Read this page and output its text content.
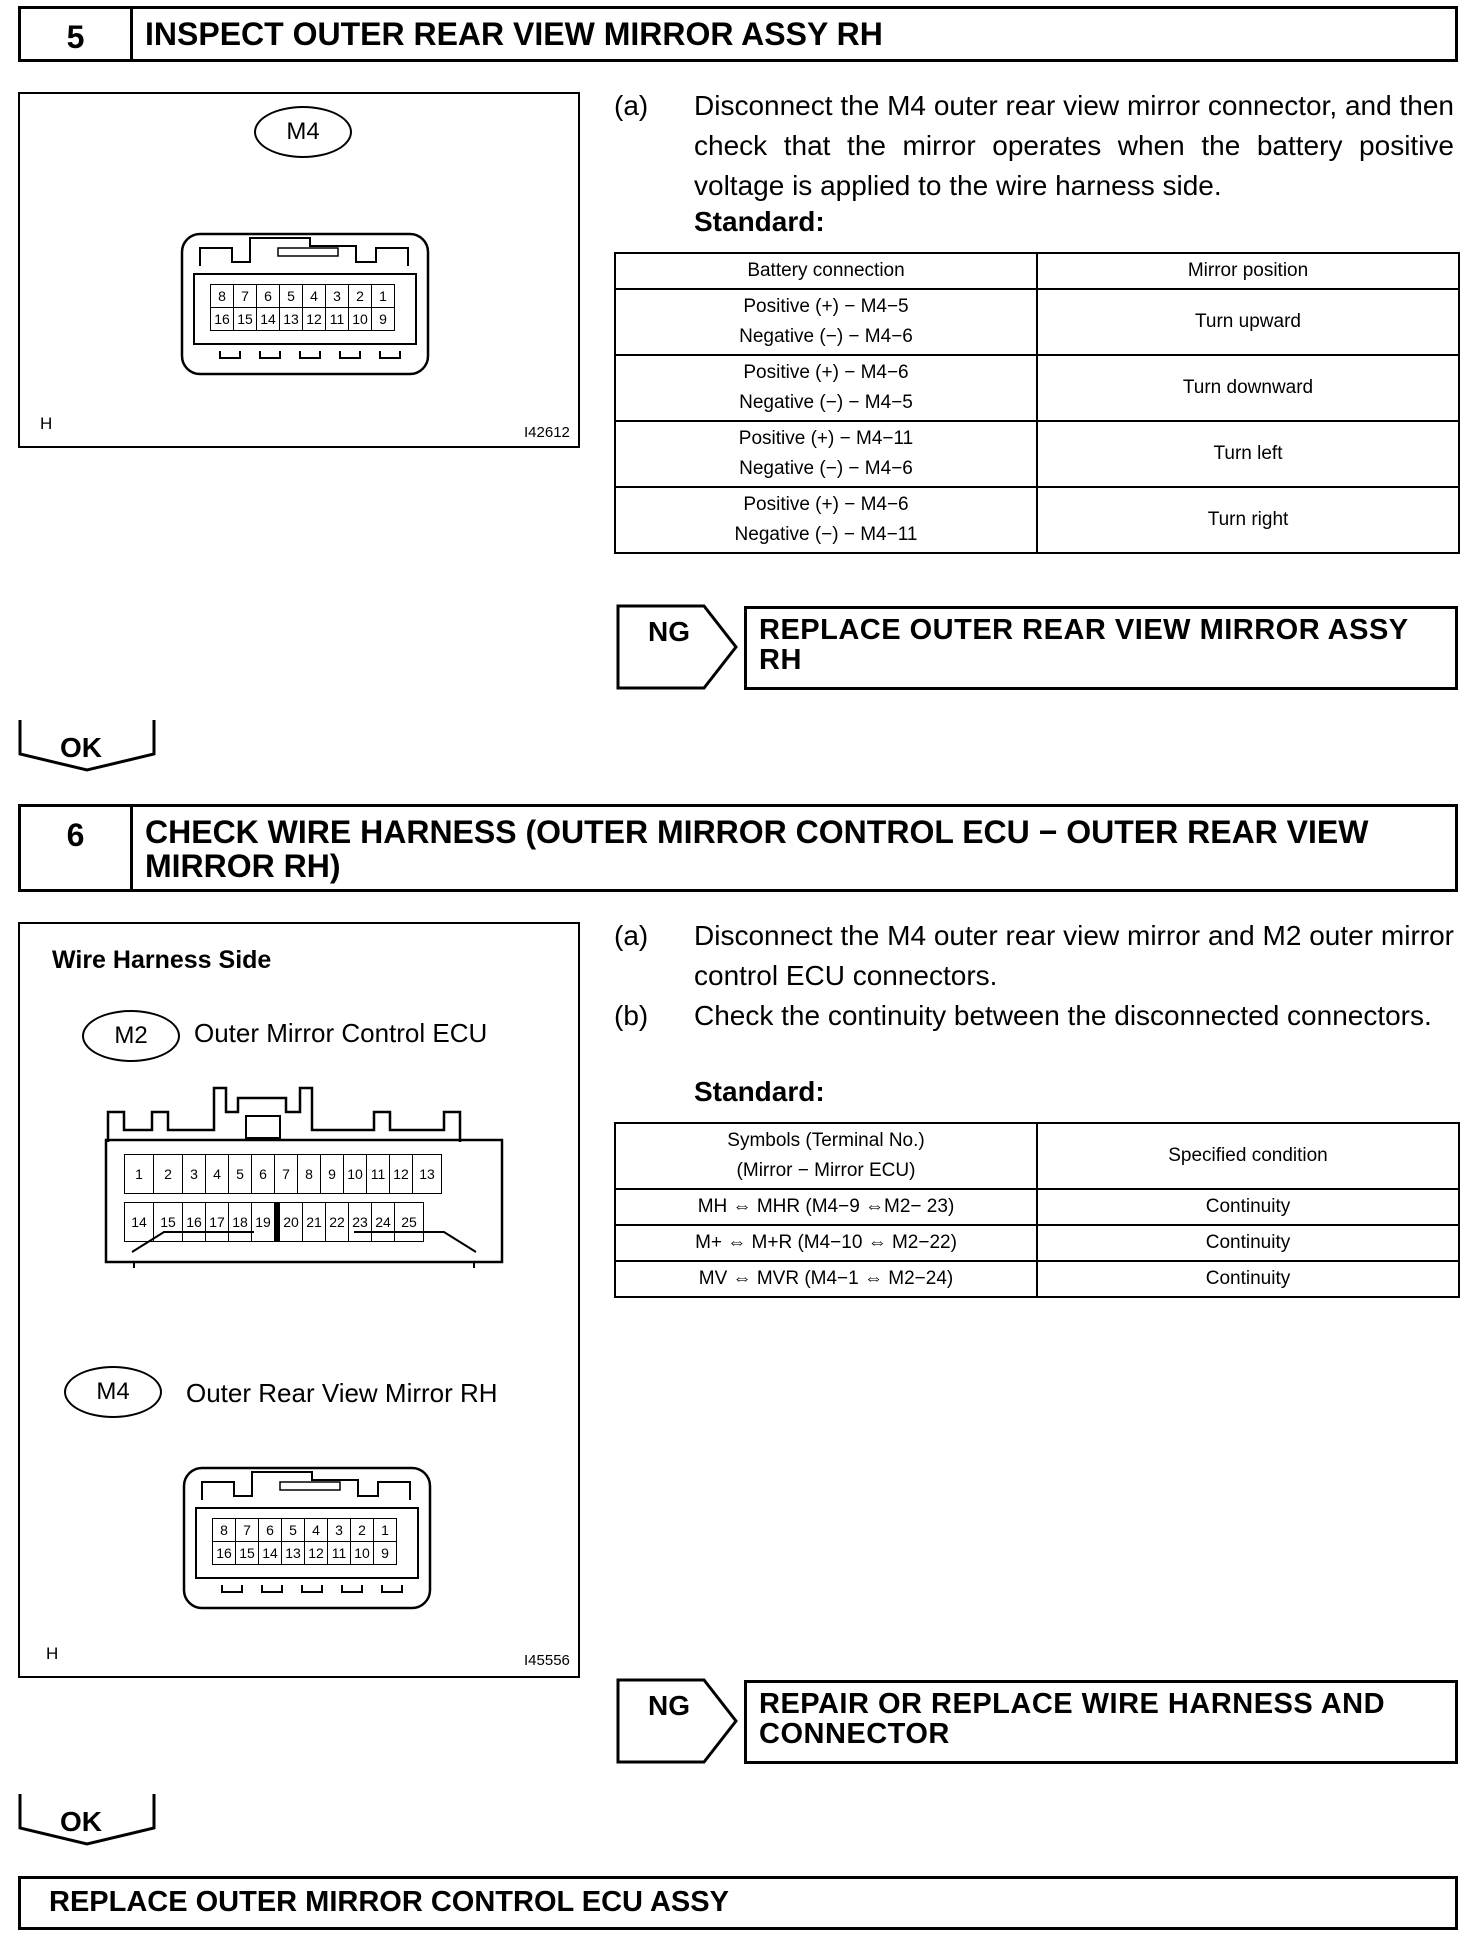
5	INSPECT OUTER REAR VIEW MIRROR ASSY RH
M4
8	7	6	5	4	3	2	1
16	15	14	13	12	11	10	9
H	I42612
(a) Disconnect the M4 outer rear view mirror connector, and then check that the mirror operates when the battery positive voltage is applied to the wire harness side.
Standard:
Battery connection	Mirror position

Positive (+) − M4−5
Negative (−) − M4−6	Turn upward

Positive (+) − M4−6
Negative (−) − M4−5	Turn downward

Positive (+) − M4−11
Negative (−) − M4−6	Turn left

Positive (+) − M4−6
Negative (−) − M4−11	Turn right
NG	REPLACE OUTER REAR VIEW MIRROR ASSY RH
OK
6	CHECK WIRE HARNESS (OUTER MIRROR CONTROL ECU − OUTER REAR VIEW MIRROR RH)
Wire Harness Side
M2	Outer Mirror Control ECU
1	2	3	4	5	6	7	8	9	10	11	12	13
14	15	16	17	18	19	20	21	22	23	24	25
M4	Outer Rear View Mirror RH
8	7	6	5	4	3	2	1
16	15	14	13	12	11	10	9
H	I45556
(a) Disconnect the M4 outer rear view mirror and M2 outer mirror control ECU connectors.
(b) Check the continuity between the disconnected connectors.
Standard:
Symbols (Terminal No.)
(Mirror − Mirror ECU)	Specified condition
MH ⇔ MHR (M4−9 ⇔M2− 23)	Continuity
M+ ⇔ M+R (M4−10 ⇔ M2−22)	Continuity
MV ⇔ MVR (M4−1 ⇔ M2−24)	Continuity
NG	REPAIR OR REPLACE WIRE HARNESS AND CONNECTOR
OK
REPLACE OUTER MIRROR CONTROL ECU ASSY
